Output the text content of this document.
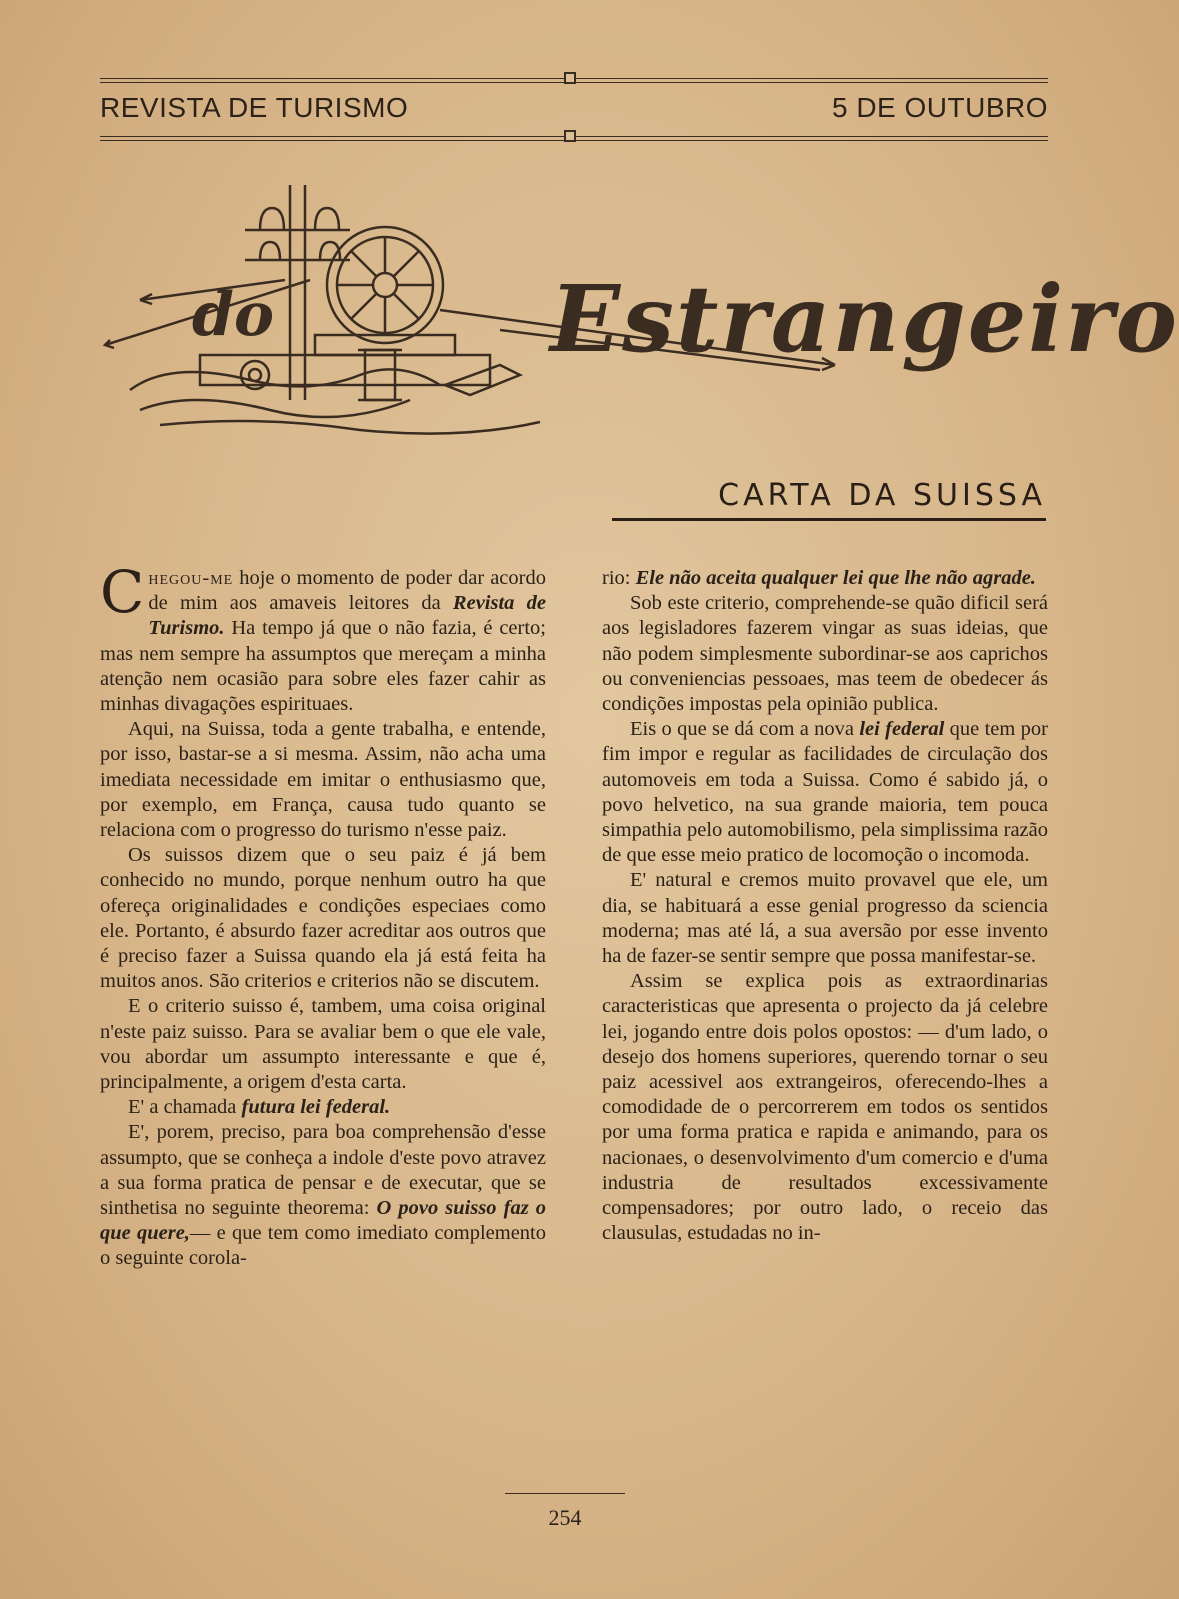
REVISTA DE TURISMO	5 DE OUTUBRO
do	Estrangeiro
CARTA DA SUISSA

Chegou-me hoje o momento de poder dar acordo de mim aos amaveis leitores da Revista de Turismo. Ha tempo já que o não fazia, é certo; mas nem sempre ha assumptos que mereçam a minha atenção nem ocasião para sobre eles fazer cahir as minhas divagações espirituaes.

Aqui, na Suissa, toda a gente trabalha, e entende, por isso, bastar-se a si mesma. Assim, não acha uma imediata necessidade em imitar o enthusiasmo que, por exemplo, em França, causa tudo quanto se relaciona com o progresso do turismo n'esse paiz.

Os suissos dizem que o seu paiz é já bem conhecido no mundo, porque nenhum outro ha que ofereça originalidades e condições especiaes como ele. Portanto, é absurdo fazer acreditar aos outros que é preciso fazer a Suissa quando ela já está feita ha muitos anos. São criterios e criterios não se discutem.

E o criterio suisso é, tambem, uma coisa original n'este paiz suisso. Para se avaliar bem o que ele vale, vou abordar um assumpto interessante e que é, principalmente, a origem d'esta carta.

E' a chamada futura lei federal.

E', porem, preciso, para boa comprehensão d'esse assumpto, que se conheça a indole d'este povo atravez a sua forma pratica de pensar e de executar, que se sinthetisa no seguinte theorema: O povo suisso faz o que quere,— e que tem como imediato complemento o seguinte corola-

rio: Ele não aceita qualquer lei que lhe não agrade.

Sob este criterio, comprehende-se quão dificil será aos legisladores fazerem vingar as suas ideias, que não podem simplesmente subordinar-se aos caprichos ou conveniencias pessoaes, mas teem de obedecer ás condições impostas pela opinião publica.

Eis o que se dá com a nova lei federal que tem por fim impor e regular as facilidades de circulação dos automoveis em toda a Suissa. Como é sabido já, o povo helvetico, na sua grande maioria, tem pouca simpathia pelo automobilismo, pela simplissima razão de que esse meio pratico de locomoção o incomoda.

E' natural e cremos muito provavel que ele, um dia, se habituará a esse genial progresso da sciencia moderna; mas até lá, a sua aversão por esse invento ha de fazer-se sentir sempre que possa manifestar-se.

Assim se explica pois as extraordinarias caracteristicas que apresenta o projecto da já celebre lei, jogando entre dois polos opostos: — d'um lado, o desejo dos homens superiores, querendo tornar o seu paiz acessivel aos extrangeiros, oferecendo-lhes a comodidade de o percorrerem em todos os sentidos por uma forma pratica e rapida e animando, para os nacionaes, o desenvolvimento d'um comercio e d'uma industria de resultados excessivamente compensadores; por outro lado, o receio das clausulas, estudadas no in-

254
